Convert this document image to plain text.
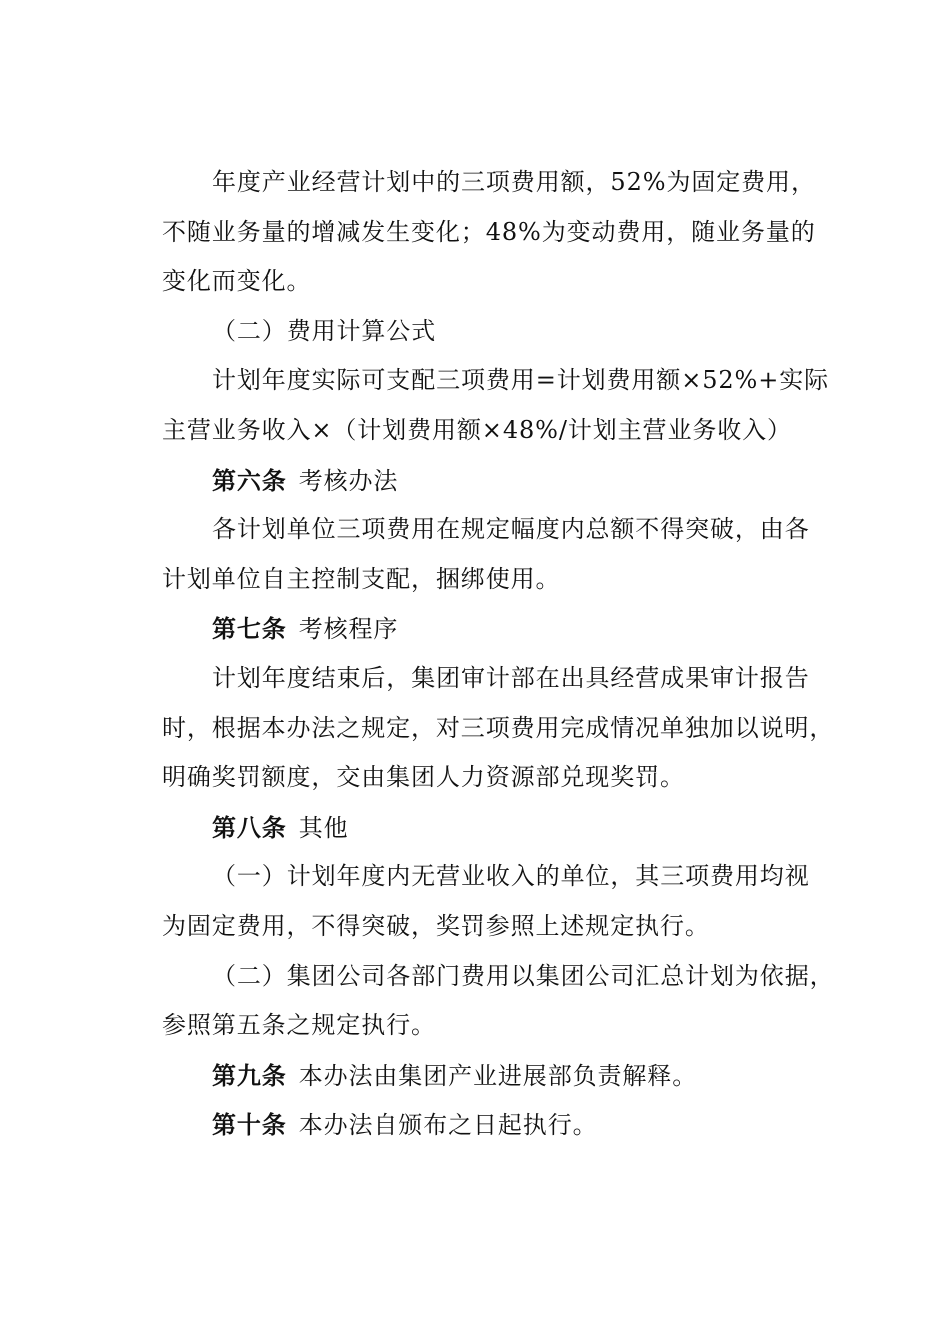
年度产业经营计划中的三项费用额，52%为固定费用，
不随业务量的增减发生变化；48%为变动费用，随业务量的
变化而变化。
（二）费用计算公式
计划年度实际可支配三项费用=计划费用额×52%+实际
主营业务收入×（计划费用额×48%/计划主营业务收入）
第六条 考核办法
各计划单位三项费用在规定幅度内总额不得突破，由各
计划单位自主控制支配，捆绑使用。
第七条 考核程序
计划年度结束后，集团审计部在出具经营成果审计报告
时，根据本办法之规定，对三项费用完成情况单独加以说明，
明确奖罚额度，交由集团人力资源部兑现奖罚。
第八条 其他
（一）计划年度内无营业收入的单位，其三项费用均视
为固定费用，不得突破，奖罚参照上述规定执行。
（二）集团公司各部门费用以集团公司汇总计划为依据，
参照第五条之规定执行。
第九条 本办法由集团产业进展部负责解释。
第十条 本办法自颁布之日起执行。
